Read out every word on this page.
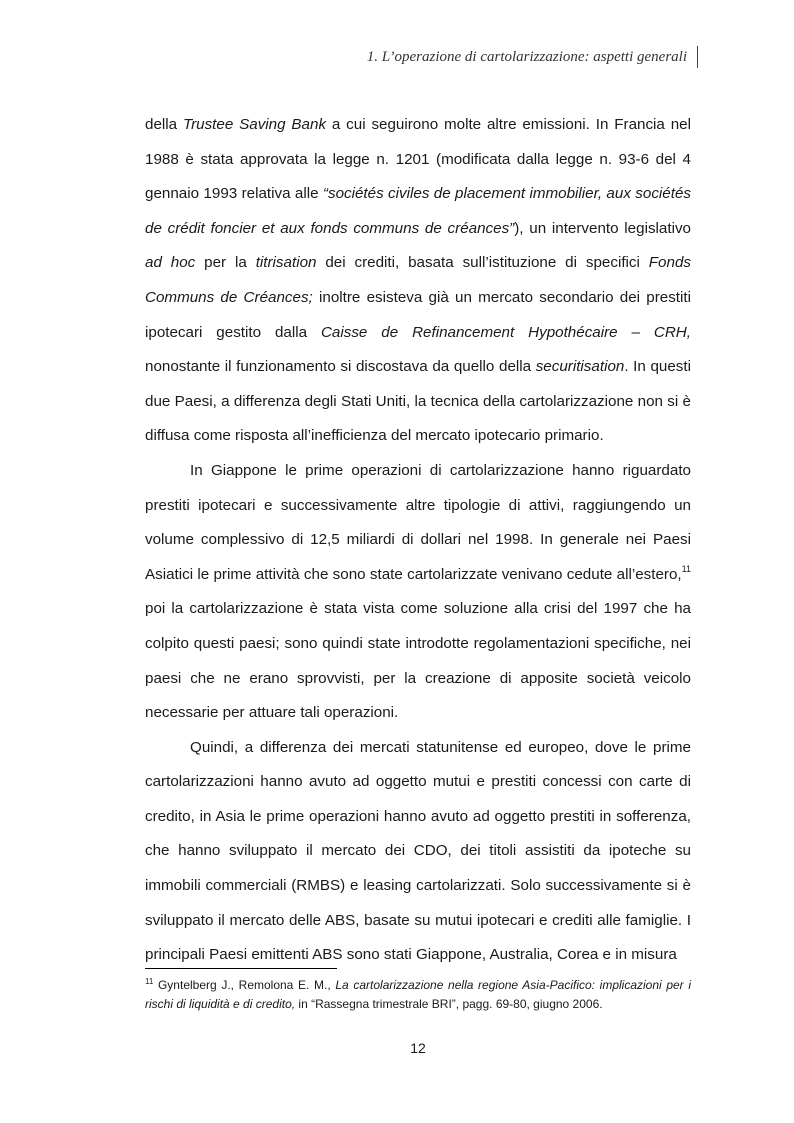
1. L’operazione di cartolarizzazione: aspetti generali

della Trustee Saving Bank a cui seguirono molte altre emissioni. In Francia nel 1988 è stata approvata la legge n. 1201 (modificata dalla legge n. 93-6 del 4 gennaio 1993 relativa alle “sociétés civiles de placement immobilier, aux sociétés de crédit foncier et aux fonds communs de créances”), un intervento legislativo ad hoc per la titrisation dei crediti, basata sull’istituzione di specifici Fonds Communs de Créances; inoltre esisteva già un mercato secondario dei prestiti ipotecari gestito dalla Caisse de Refinancement Hypothécaire – CRH, nonostante il funzionamento si discostava da quello della securitisation. In questi due Paesi, a differenza degli Stati Uniti, la tecnica della cartolarizzazione non si è diffusa come risposta all’inefficienza del mercato ipotecario primario.

In Giappone le prime operazioni di cartolarizzazione hanno riguardato prestiti ipotecari e successivamente altre tipologie di attivi, raggiungendo un volume complessivo di 12,5 miliardi di dollari nel 1998. In generale nei Paesi Asiatici le prime attività che sono state cartolarizzate venivano cedute all’estero,$^{11}$ poi la cartolarizzazione è stata vista come soluzione alla crisi del 1997 che ha colpito questi paesi; sono quindi state introdotte regolamentazioni specifiche, nei paesi che ne erano sprovvisti, per la creazione di apposite società veicolo necessarie per attuare tali operazioni.

Quindi, a differenza dei mercati statunitense ed europeo, dove le prime cartolarizzazioni hanno avuto ad oggetto mutui e prestiti concessi con carte di credito, in Asia le prime operazioni hanno avuto ad oggetto prestiti in sofferenza, che hanno sviluppato il mercato dei CDO, dei titoli assistiti da ipoteche su immobili commerciali (RMBS) e leasing cartolarizzati. Solo successivamente si è sviluppato il mercato delle ABS, basate su mutui ipotecari e crediti alle famiglie. I principali Paesi emittenti ABS sono stati Giappone, Australia, Corea e in misura

$^{11}$ Gyntelberg J., Remolona E. M., La cartolarizzazione nella regione Asia-Pacifico: implicazioni per i rischi di liquidità e di credito, in “Rassegna trimestrale BRI”, pagg. 69-80, giugno 2006.
12
